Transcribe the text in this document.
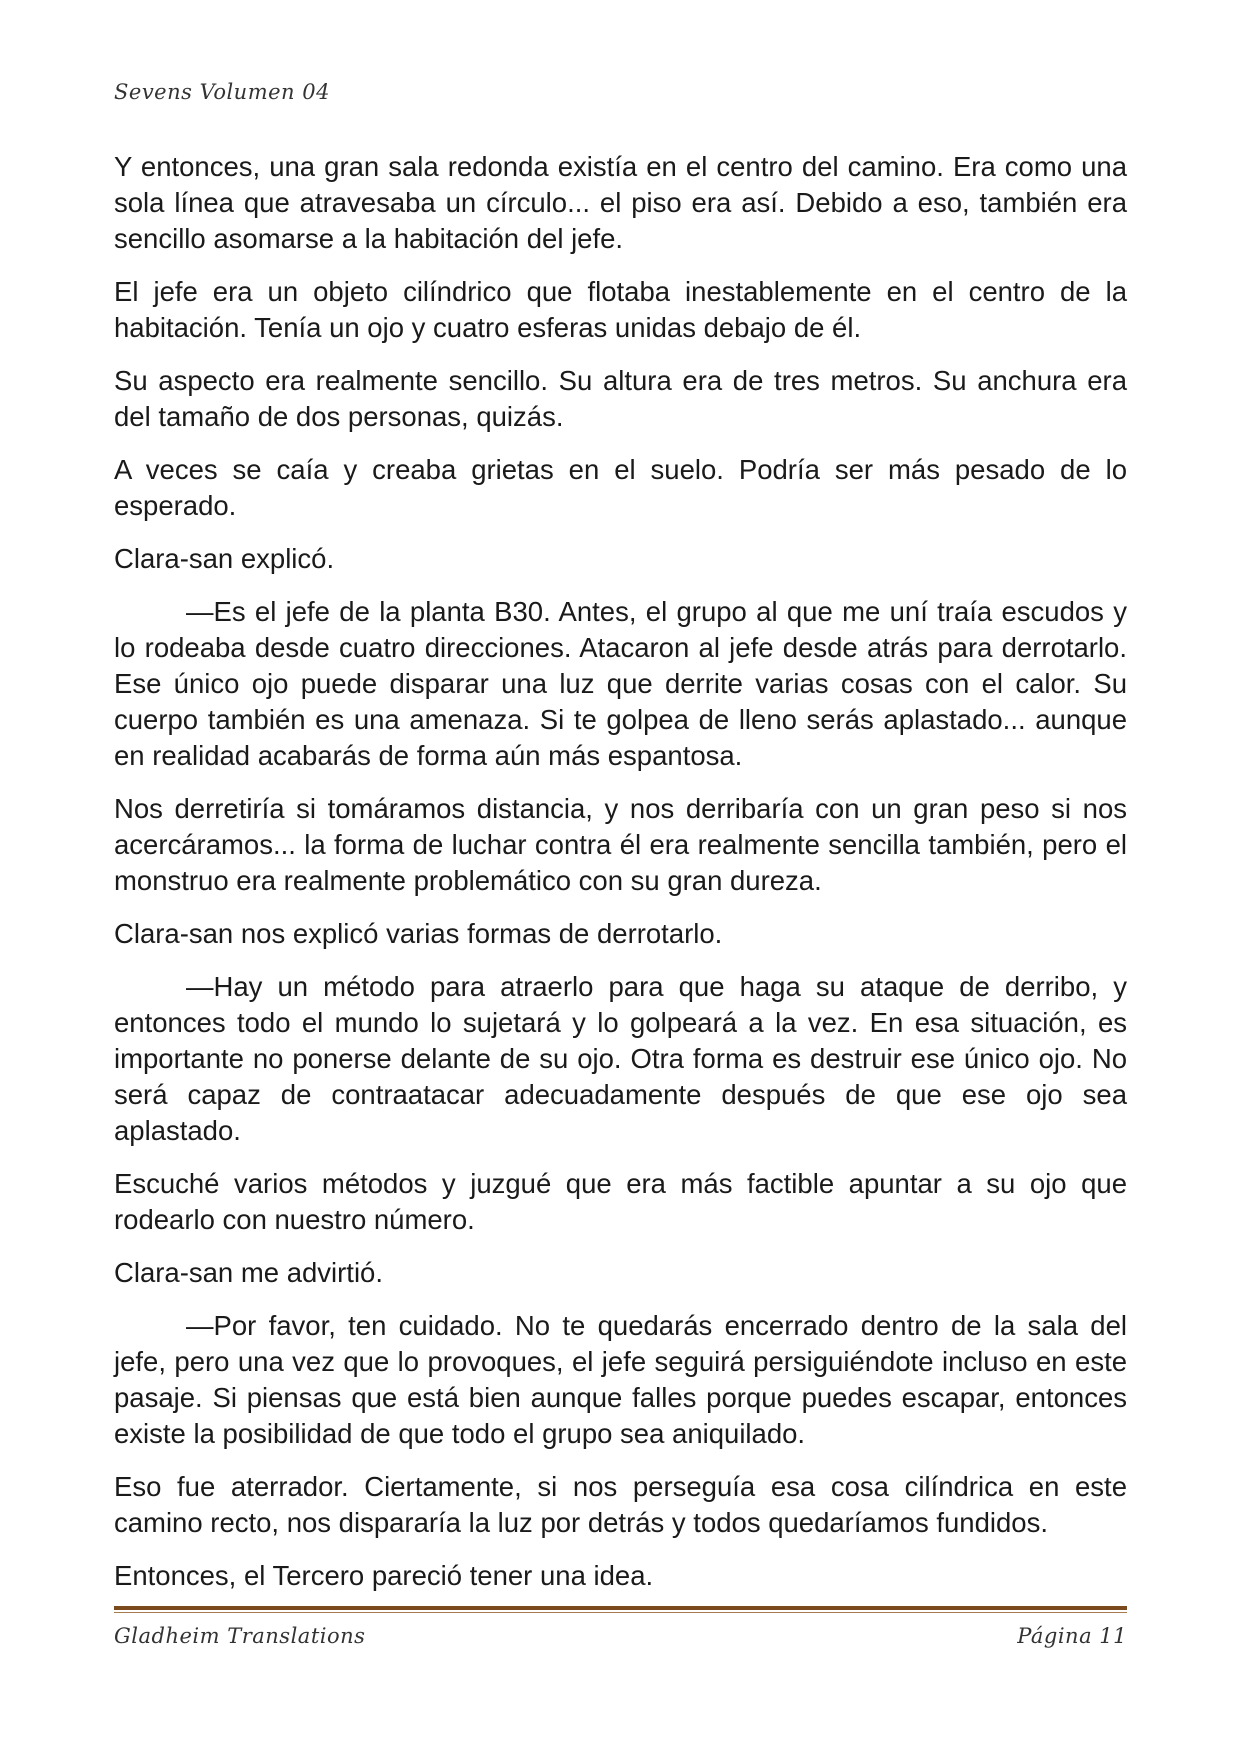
Sevens Volumen 04

Y entonces, una gran sala redonda existía en el centro del camino. Era como una sola línea que atravesaba un círculo... el piso era así. Debido a eso, también era sencillo asomarse a la habitación del jefe.

El jefe era un objeto cilíndrico que flotaba inestablemente en el centro de la habitación. Tenía un ojo y cuatro esferas unidas debajo de él.

Su aspecto era realmente sencillo. Su altura era de tres metros. Su anchura era del tamaño de dos personas, quizás.

A veces se caía y creaba grietas en el suelo. Podría ser más pesado de lo esperado.

Clara-san explicó.

—Es el jefe de la planta B30. Antes, el grupo al que me uní traía escudos y lo rodeaba desde cuatro direcciones. Atacaron al jefe desde atrás para derrotarlo. Ese único ojo puede disparar una luz que derrite varias cosas con el calor. Su cuerpo también es una amenaza. Si te golpea de lleno serás aplastado... aunque en realidad acabarás de forma aún más espantosa.

Nos derretiría si tomáramos distancia, y nos derribaría con un gran peso si nos acercáramos... la forma de luchar contra él era realmente sencilla también, pero el monstruo era realmente problemático con su gran dureza.

Clara-san nos explicó varias formas de derrotarlo.

—Hay un método para atraerlo para que haga su ataque de derribo, y entonces todo el mundo lo sujetará y lo golpeará a la vez. En esa situación, es importante no ponerse delante de su ojo. Otra forma es destruir ese único ojo. No será capaz de contraatacar adecuadamente después de que ese ojo sea aplastado.

Escuché varios métodos y juzgué que era más factible apuntar a su ojo que rodearlo con nuestro número.

Clara-san me advirtió.

—Por favor, ten cuidado. No te quedarás encerrado dentro de la sala del jefe, pero una vez que lo provoques, el jefe seguirá persiguiéndote incluso en este pasaje. Si piensas que está bien aunque falles porque puedes escapar, entonces existe la posibilidad de que todo el grupo sea aniquilado.

Eso fue aterrador. Ciertamente, si nos perseguía esa cosa cilíndrica en este camino recto, nos dispararía la luz por detrás y todos quedaríamos fundidos.

Entonces, el Tercero pareció tener una idea.

Gladheim Translations	Página 11
